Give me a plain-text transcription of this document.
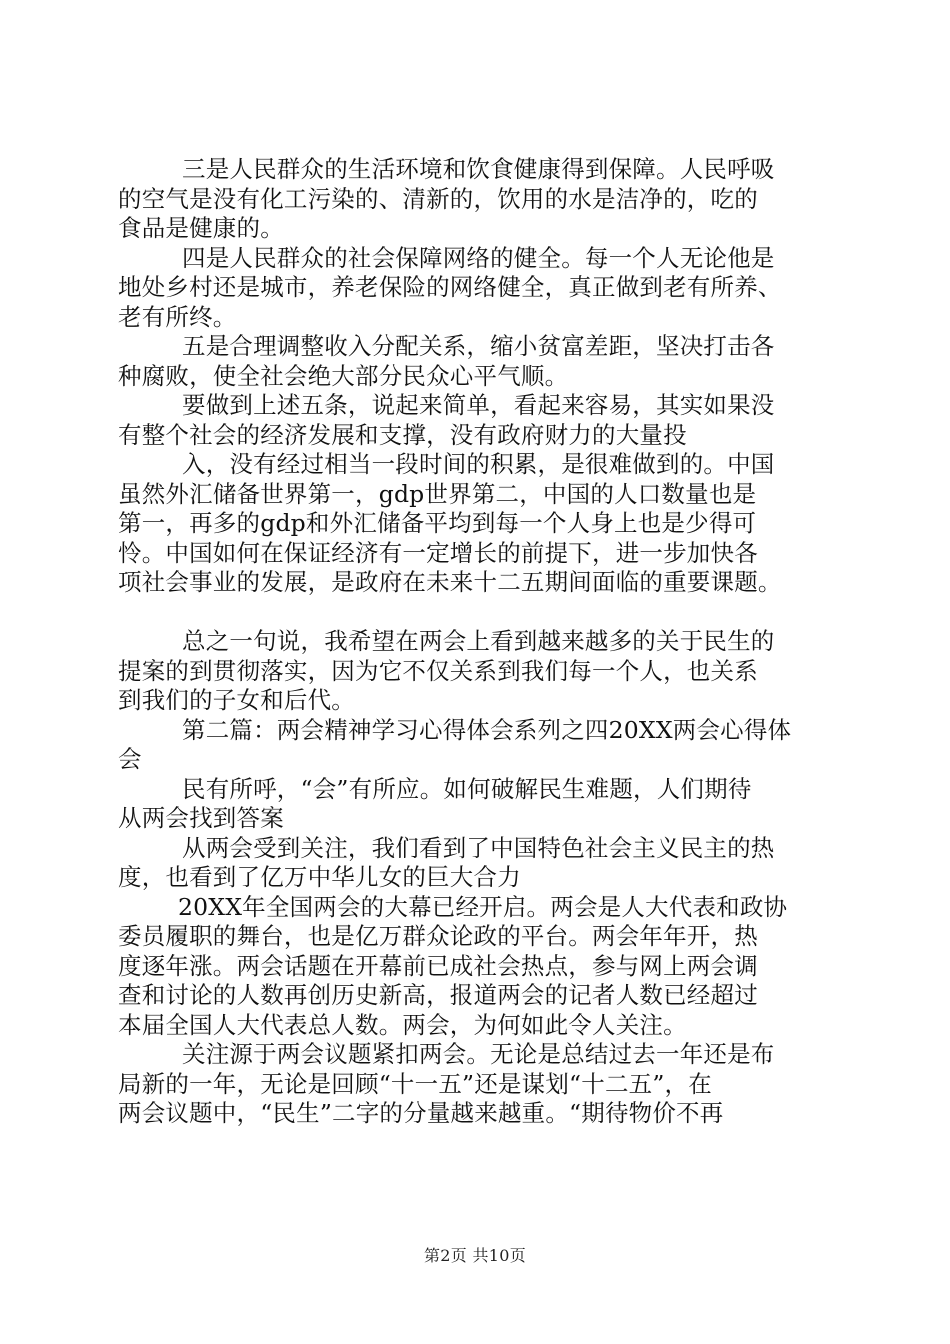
三是人民群众的生活环境和饮食健康得到保障。人民呼吸
的空气是没有化工污染的、清新的，饮用的水是洁净的，吃的
食品是健康的。
四是人民群众的社会保障网络的健全。每一个人无论他是
地处乡村还是城市，养老保险的网络健全，真正做到老有所养、
老有所终。
五是合理调整收入分配关系，缩小贫富差距，坚决打击各
种腐败，使全社会绝大部分民众心平气顺。
要做到上述五条，说起来简单，看起来容易，其实如果没
有整个社会的经济发展和支撑，没有政府财力的大量投
入，没有经过相当一段时间的积累，是很难做到的。中国
虽然外汇储备世界第一，gdp世界第二，中国的人口数量也是
第一，再多的gdp和外汇储备平均到每一个人身上也是少得可
怜。中国如何在保证经济有一定增长的前提下，进一步加快各
项社会事业的发展，是政府在未来十二五期间面临的重要课题。
总之一句说，我希望在两会上看到越来越多的关于民生的
提案的到贯彻落实，因为它不仅关系到我们每一个人，也关系
到我们的子女和后代。
第二篇：两会精神学习心得体会系列之四20XX两会心得体
会
民有所呼，“会”有所应。如何破解民生难题，人们期待
从两会找到答案
从两会受到关注，我们看到了中国特色社会主义民主的热
度，也看到了亿万中华儿女的巨大合力
20XX年全国两会的大幕已经开启。两会是人大代表和政协
委员履职的舞台，也是亿万群众论政的平台。两会年年开，热
度逐年涨。两会话题在开幕前已成社会热点，参与网上两会调
查和讨论的人数再创历史新高，报道两会的记者人数已经超过
本届全国人大代表总人数。两会，为何如此令人关注。
关注源于两会议题紧扣两会。无论是总结过去一年还是布
局新的一年，无论是回顾“十一五”还是谋划“十二五”，在
两会议题中，“民生”二字的分量越来越重。“期待物价不再
第2页 共10页
